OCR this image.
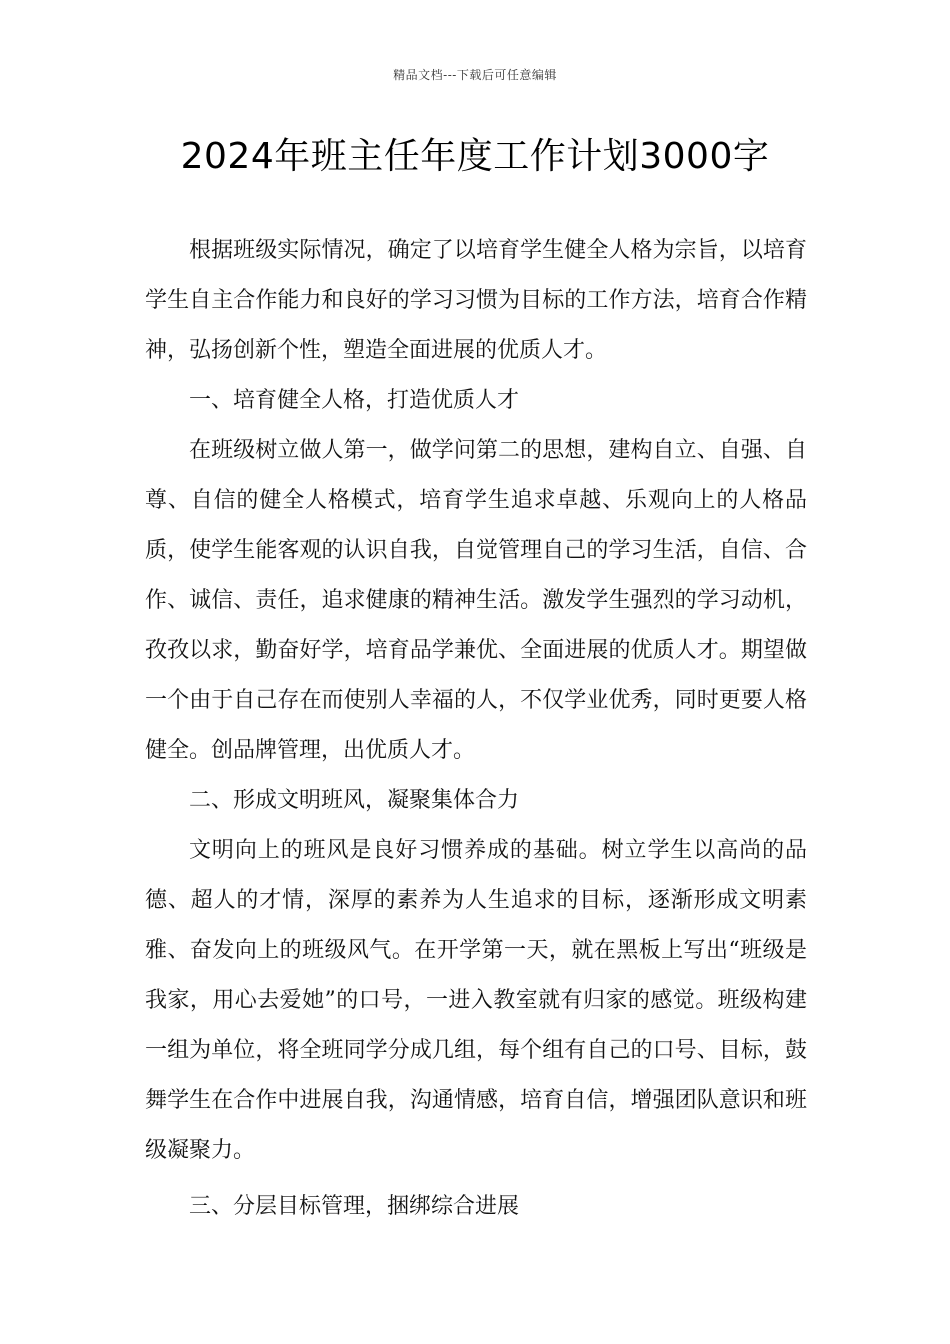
精品文档---下载后可任意编辑
2024年班主任年度工作计划3000字

根据班级实际情况，确定了以培育学生健全人格为宗旨，以培育学生自主合作能力和良好的学习习惯为目标的工作方法，培育合作精神，弘扬创新个性，塑造全面进展的优质人才。

一、培育健全人格，打造优质人才

在班级树立做人第一，做学问第二的思想，建构自立、自强、自尊、自信的健全人格模式，培育学生追求卓越、乐观向上的人格品质，使学生能客观的认识自我，自觉管理自己的学习生活，自信、合作、诚信、责任，追求健康的精神生活。激发学生强烈的学习动机，孜孜以求，勤奋好学，培育品学兼优、全面进展的优质人才。期望做一个由于自己存在而使别人幸福的人，不仅学业优秀，同时更要人格健全。创品牌管理，出优质人才。

二、形成文明班风，凝聚集体合力

文明向上的班风是良好习惯养成的基础。树立学生以高尚的品德、超人的才情，深厚的素养为人生追求的目标，逐渐形成文明素雅、奋发向上的班级风气。在开学第一天，就在黑板上写出“班级是我家，用心去爱她”的口号，一进入教室就有归家的感觉。班级构建一组为单位，将全班同学分成几组，每个组有自己的口号、目标，鼓舞学生在合作中进展自我，沟通情感，培育自信，增强团队意识和班级凝聚力。

三、分层目标管理，捆绑综合进展
